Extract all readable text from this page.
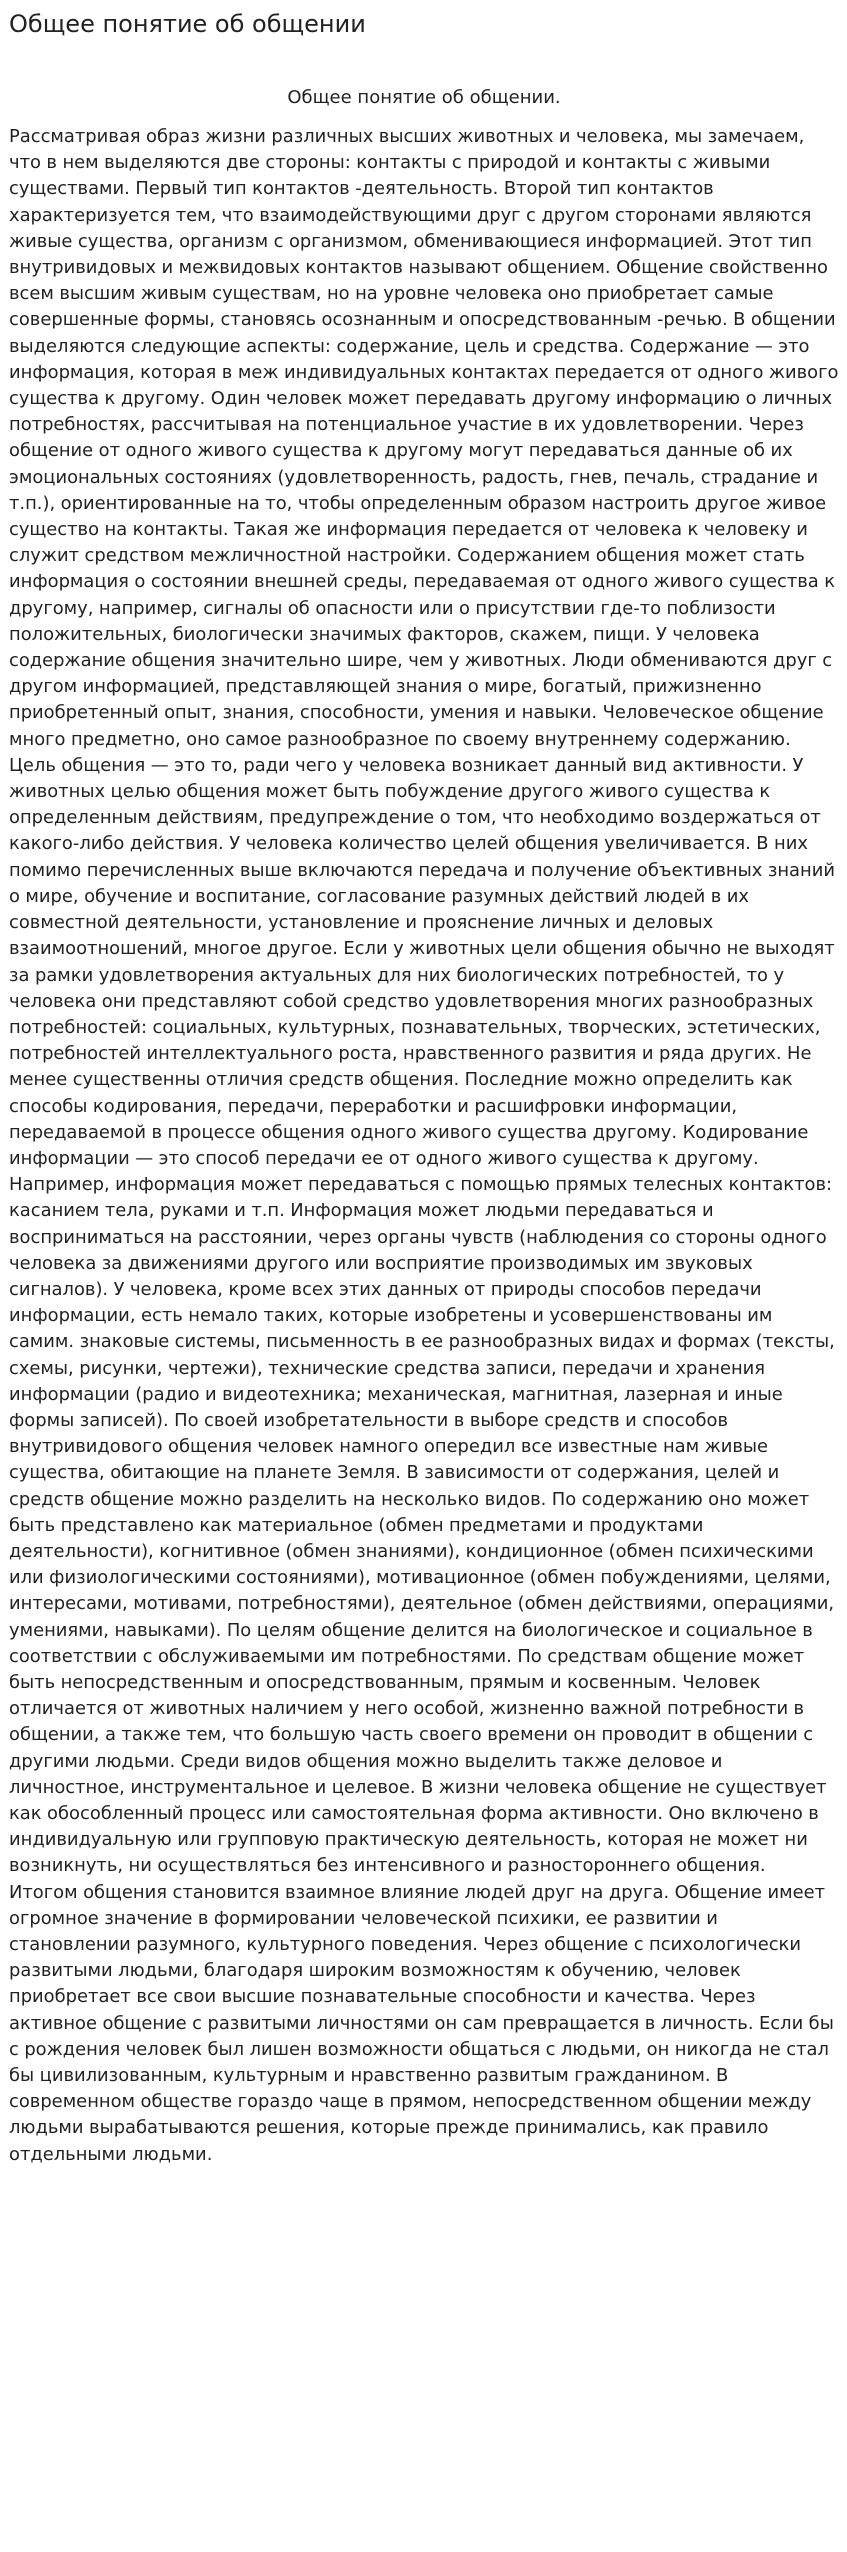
Общее понятие об общении
Общее понятие об общении.

Рассматривая образ жизни различных высших животных и человека, мы замечаем, что в нем выделяются две стороны: контакты с природой и контакты с живыми существами. Первый тип контактов -деятельность. Второй тип контактов характеризуется тем, что взаимодействующими друг с другом сторонами являются живые существа, организм с организмом, обменивающиеся информацией. Этот тип внутривидовых и межвидовых контактов называют общением. Общение свойственно всем высшим живым существам, но на уровне человека оно приобретает самые совершенные формы, становясь осознанным и опосредствованным -речью. В общении выделяются следующие аспекты: содержание, цель и средства. Содержание — это информация, которая в меж индивидуальных контактах передается от одного живого существа к другому. Один человек может передавать другому информацию о личных потребностях, рассчитывая на потенциальное участие в их удовлетворении. Через общение от одного живого существа к другому могут передаваться данные об их эмоциональных состояниях (удовлетворенность, радость, гнев, печаль, страдание и т.п.), ориентированные на то, чтобы определенным образом настроить другое живое существо на контакты. Такая же информация передается от человека к человеку и служит средством межличностной настройки. Содержанием общения может стать информация о состоянии внешней среды, передаваемая от одного живого существа к другому, например, сигналы об опасности или о присутствии где-то поблизости положительных, биологически значимых факторов, скажем, пищи. У человека содержание общения значительно шире, чем у животных. Люди обмениваются друг с другом информацией, представляющей знания о мире, богатый, прижизненно приобретенный опыт, знания, способности, умения и навыки. Человеческое общение много предметно, оно самое разнообразное по своему внутреннему содержанию. Цель общения — это то, ради чего у человека возникает данный вид активности. У животных целью общения может быть побуждение другого живого существа к определенным действиям, предупреждение о том, что необходимо воздержаться от какого-либо действия. У человека количество целей общения увеличивается. В них помимо перечисленных выше включаются передача и получение объективных знаний о мире, обучение и воспитание, согласование разумных действий людей в их совместной деятельности, установление и прояснение личных и деловых взаимоотношений, многое другое. Если у животных цели общения обычно не выходят за рамки удовлетворения актуальных для них биологических потребностей, то у человека они представляют собой средство удовлетворения многих разнообразных потребностей: социальных, культурных, познавательных, творческих, эстетических, потребностей интеллектуального роста, нравственного развития и ряда других. Не менее существенны отличия средств общения. Последние можно определить как способы кодирования, передачи, переработки и расшифровки информации, передаваемой в процессе общения одного живого существа другому. Кодирование информации — это способ передачи ее от одного живого существа к другому. Например, информация может передаваться с помощью прямых телесных контактов: касанием тела, руками и т.п. Информация может людьми передаваться и восприниматься на расстоянии, через органы чувств (наблюдения со стороны одного человека за движениями другого или восприятие производимых им звуковых сигналов). У человека, кроме всех этих данных от природы способов передачи информации, есть немало таких, которые изобретены и усовершенствованы им самим. знаковые системы, письменность в ее разнообразных видах и формах (тексты, схемы, рисунки, чертежи), технические средства записи, передачи и хранения информации (радио и видеотехника; механическая, магнитная, лазерная и иные формы записей). По своей изобретательности в выборе средств и способов внутривидового общения человек намного опередил все известные нам живые существа, обитающие на планете Земля. В зависимости от содержания, целей и средств общение можно разделить на несколько видов. По содержанию оно может быть представлено как материальное (обмен предметами и продуктами деятельности), когнитивное (обмен знаниями), кондиционное (обмен психическими или физиологическими состояниями), мотивационное (обмен побуждениями, целями, интересами, мотивами, потребностями), деятельное (обмен действиями, операциями, умениями, навыками). По целям общение делится на биологическое и социальное в соответствии с обслуживаемыми им потребностями. По средствам общение может быть непосредственным и опосредствованным, прямым и косвенным. Человек отличается от животных наличием у него особой, жизненно важной потребности в общении, а также тем, что большую часть своего времени он проводит в общении с другими людьми. Среди видов общения можно выделить также деловое и личностное, инструментальное и целевое. В жизни человека общение не существует как обособленный процесс или самостоятельная форма активности. Оно включено в индивидуальную или групповую практическую деятельность, которая не может ни возникнуть, ни осуществляться без интенсивного и разностороннего общения. Итогом общения становится взаимное влияние людей друг на друга. Общение имеет огромное значение в формировании человеческой психики, ее развитии и становлении разумного, культурного поведения. Через общение с психологически развитыми людьми, благодаря широким возможностям к обучению, человек приобретает все свои высшие познавательные способности и качества. Через активное общение с развитыми личностями он сам превращается в личность. Если бы с рождения человек был лишен возможности общаться с людьми, он никогда не стал бы цивилизованным, культурным и нравственно развитым гражданином. В современном обществе гораздо чаще в прямом, непосредственном общении между людьми вырабатываются решения, которые прежде принимались, как правило отдельными людьми.
